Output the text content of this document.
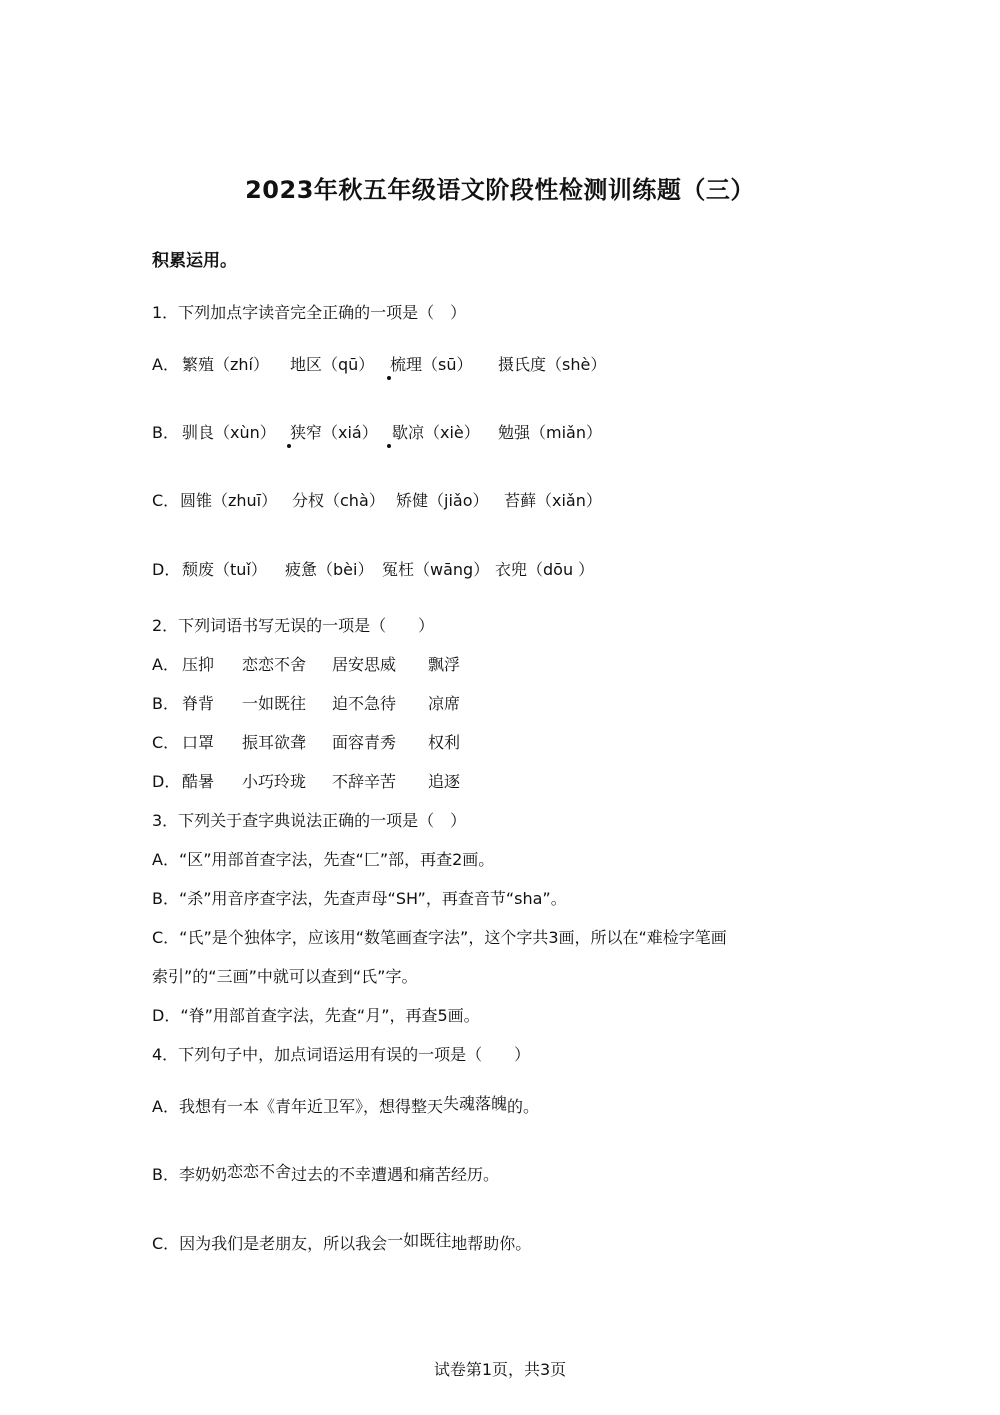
2023年秋五年级语文阶段性检测训练题（三）
积累运用。
1．下列加点字读音完全正确的一项是（　）
A． 繁殖（zhí） 地区（qū） 梳理（sū） 摄氏度（shè）
B． 驯良（xùn） 狭窄（xiá） 歇凉（xiè） 勉强（miǎn）
C． 圆锥（zhuī） 分杈（chà） 矫健（jiǎo） 苔藓（xiǎn）
D． 颓废（tuǐ） 疲惫（bèi） 冤枉（wāng） 衣兜（dōu ）
2．下列词语书写无误的一项是（　　）
A． 压抑 恋恋不舍 居安思威 飘浮
B． 脊背 一如既往 迫不急待 凉席
C． 口罩 振耳欲聋 面容青秀 权利
D． 酷暑 小巧玲珑 不辞辛苦 追逐
3．下列关于查字典说法正确的一项是（　）
A．“区”用部首查字法，先查“匚”部，再查2画。
B．“杀”用音序查字法，先查声母“SH”，再查音节“sha”。
C．“氏”是个独体字，应该用“数笔画查字法”，这个字共3画，所以在“难检字笔画
索引”的“三画”中就可以查到“氏”字。
D．“脊”用部首查字法，先查“月”，再查5画。
4．下列句子中，加点词语运用有误的一项是（　　）
A．我想有一本《青年近卫军》，想得整天失魂落魄的。
B．李奶奶恋恋不舍过去的不幸遭遇和痛苦经历。
C．因为我们是老朋友，所以我会一如既往地帮助你。
试卷第1页，共3页
